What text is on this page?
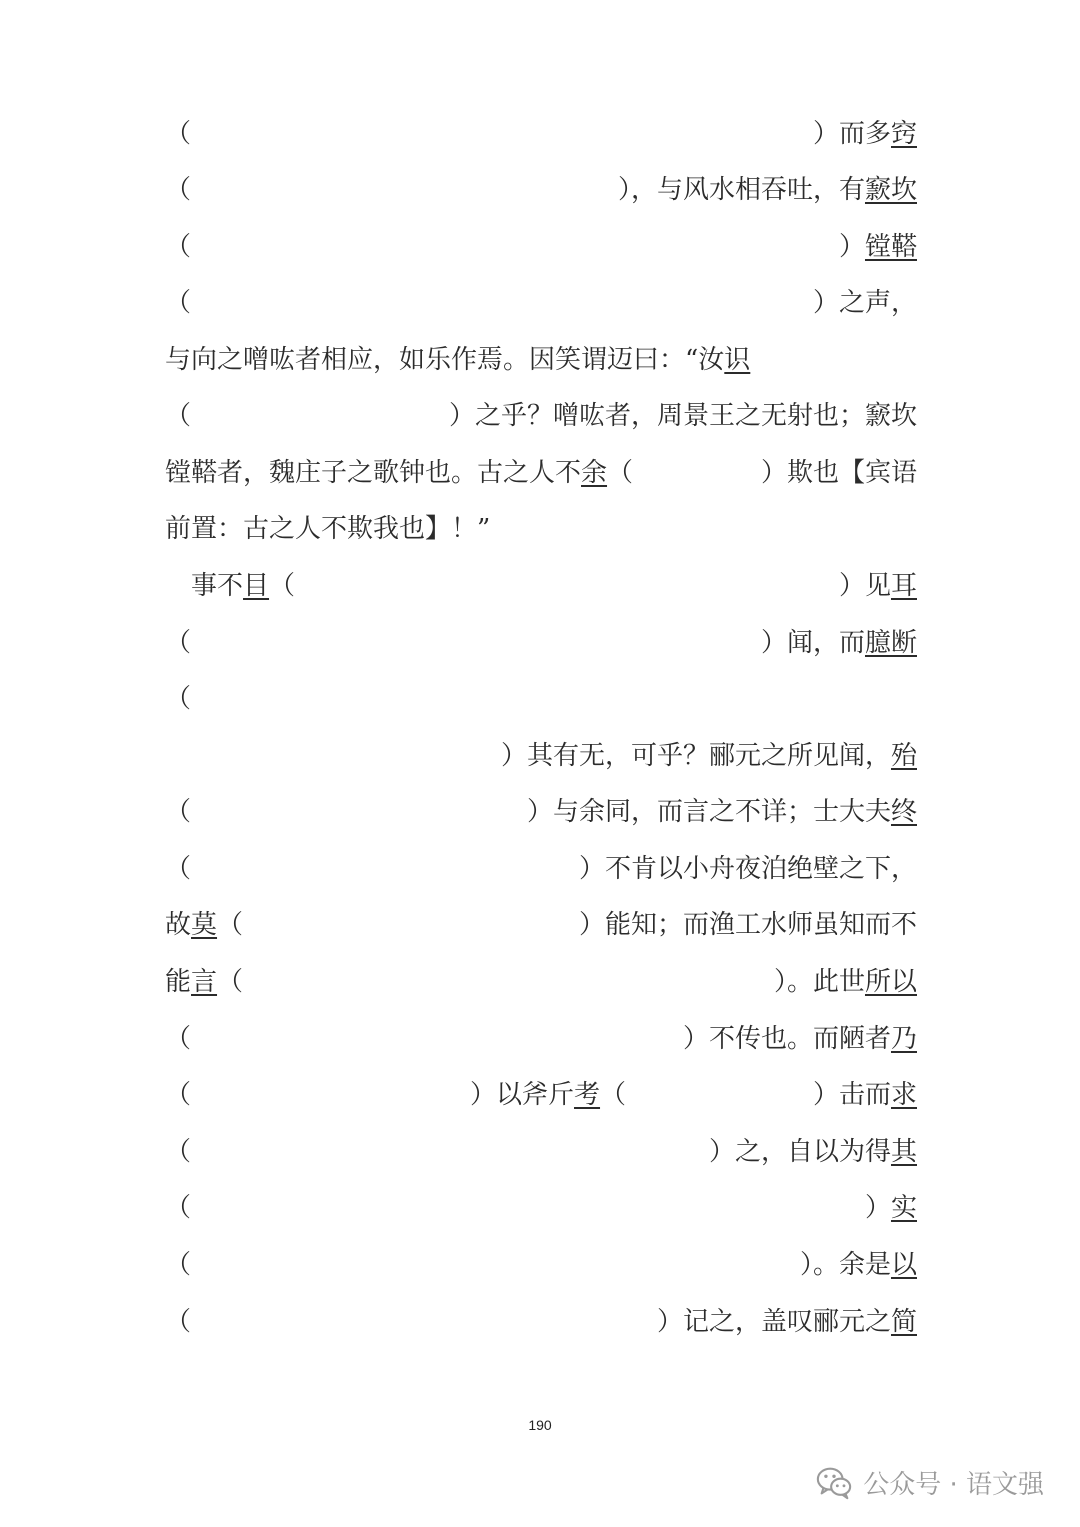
（	）而多窍
（	），与风水相吞吐，有窾坎
（	）镗鞳
（	）之声，
与向之噌吰者相应，如乐作焉。因笑谓迈曰：“汝识
（	）之乎？噌吰者，周景王之无射也；窾坎
镗鞳者，魏庄子之歌钟也。古之人不余（	）欺也【宾语
前置：古之人不欺我也】！”
　事不目（	）见耳
（	）闻，而臆断
（
）其有无，可乎？郦元之所见闻，殆
（	）与余同，而言之不详；士大夫终
（	）不肯以小舟夜泊绝壁之下，
故莫（	）能知；而渔工水师虽知而不
能言（	）。此世所以
（	）不传也。而陋者乃
（	）以斧斤考（	）击而求
（	）之，自以为得其
（	）实
（	）。余是以
（	）记之，盖叹郦元之简
190
公众号 · 语文强
